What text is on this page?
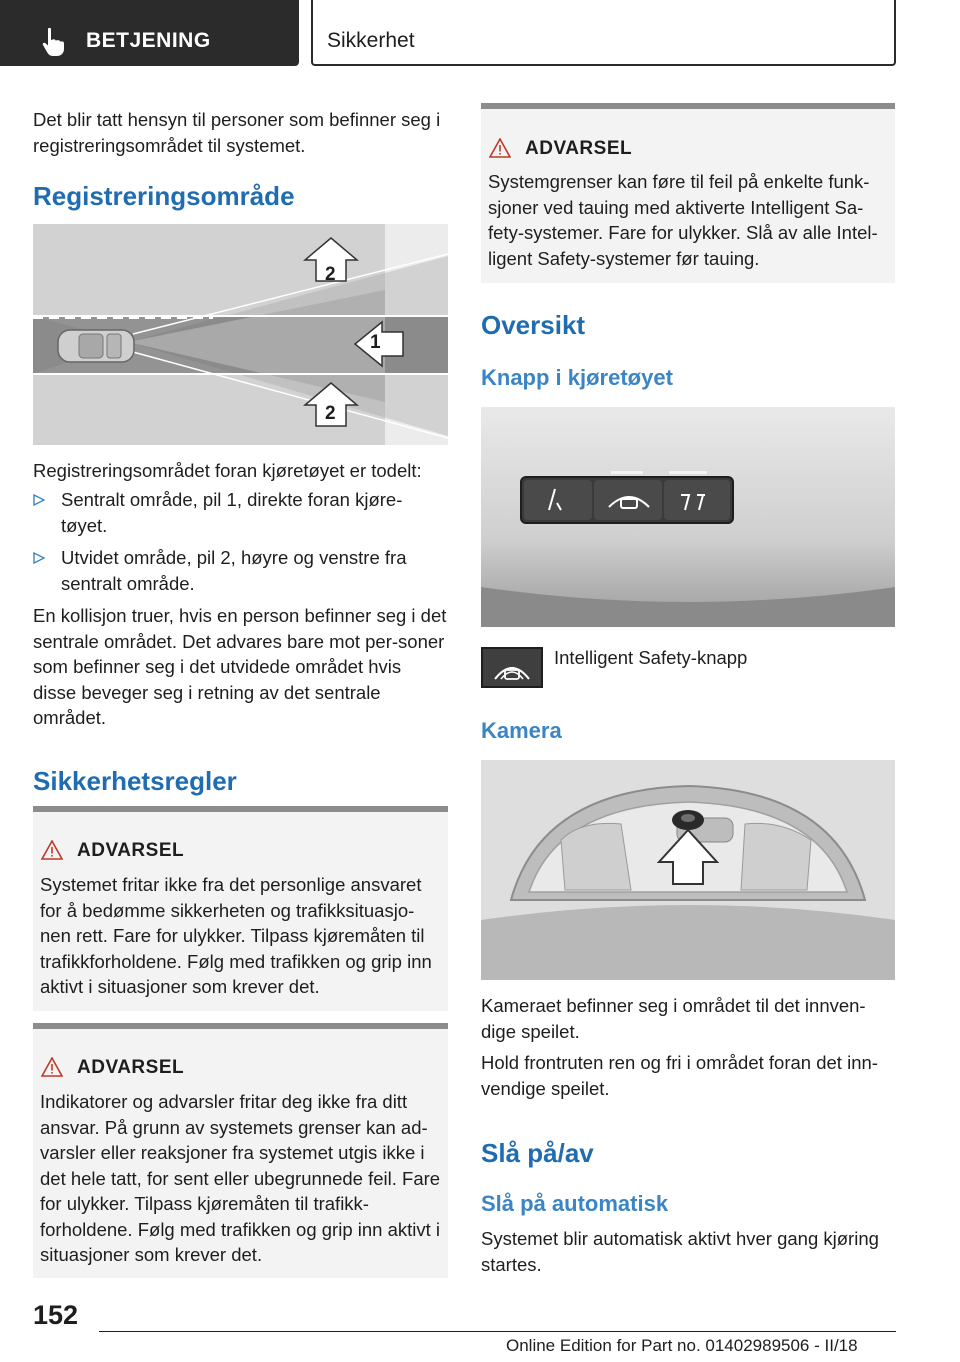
BETJENING	Sikkerhet

Det blir tatt hensyn til personer som befinner seg i registreringsområdet til systemet.

Registreringsområde
2
1
2

Registreringsområdet foran kjøretøyet er todelt:

Sentralt område, pil 1, direkte foran kjøre-tøyet.
Utvidet område, pil 2, høyre og venstre fra sentralt område.

En kollisjon truer, hvis en person befinner seg i det sentrale området. Det advares bare mot per-soner som befinner seg i det utvidede området hvis disse beveger seg i retning av det sentrale området.

Sikkerhetsregler
ADVARSEL
Systemet fritar ikke fra det personlige ansvaret for å bedømme sikkerheten og trafikksituasjo-nen rett. Fare for ulykker. Tilpass kjøremåten til trafikkforholdene. Følg med trafikken og grip inn aktivt i situasjoner som krever det.
ADVARSEL
Indikatorer og advarsler fritar deg ikke fra ditt ansvar. På grunn av systemets grenser kan ad-varsler eller reaksjoner fra systemet utgis ikke i det hele tatt, for sent eller ubegrunnede feil. Fare for ulykker. Tilpass kjøremåten til trafikk-forholdene. Følg med trafikken og grip inn aktivt i situasjoner som krever det.
ADVARSEL
Systemgrenser kan føre til feil på enkelte funk-sjoner ved tauing med aktiverte Intelligent Sa-fety-systemer. Fare for ulykker. Slå av alle Intel-ligent Safety-systemer før tauing.
Oversikt
Knapp i kjøretøyet

Intelligent Safety-knapp

Kamera

Kameraet befinner seg i området til det innven-dige speilet.

Hold frontruten ren og fri i området foran det inn-vendige speilet.

Slå på/av
Slå på automatisk

Systemet blir automatisk aktivt hver gang kjøring startes.

152
Online Edition for Part no. 01402989506 - II/18
